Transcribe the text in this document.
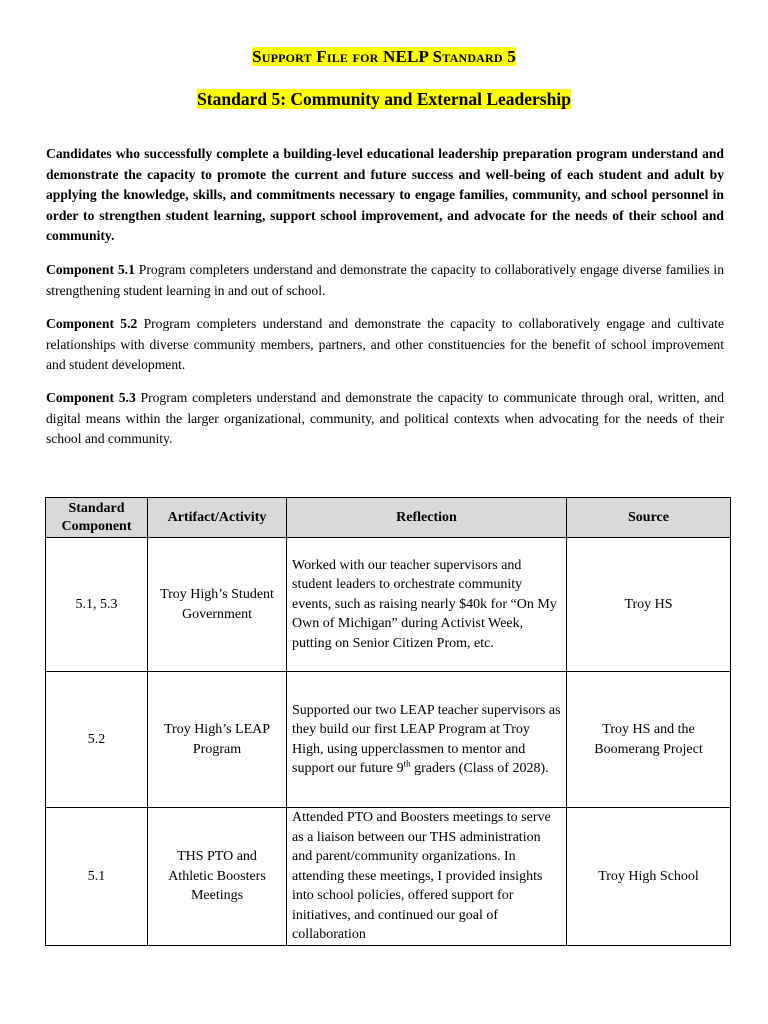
Support File for NELP Standard 5
Standard 5: Community and External Leadership

Candidates who successfully complete a building-level educational leadership preparation program understand and demonstrate the capacity to promote the current and future success and well-being of each student and adult by applying the knowledge, skills, and commitments necessary to engage families, community, and school personnel in order to strengthen student learning, support school improvement, and advocate for the needs of their school and community.

Component 5.1 Program completers understand and demonstrate the capacity to collaboratively engage diverse families in strengthening student learning in and out of school.

Component 5.2 Program completers understand and demonstrate the capacity to collaboratively engage and cultivate relationships with diverse community members, partners, and other constituencies for the benefit of school improvement and student development.

Component 5.3 Program completers understand and demonstrate the capacity to communicate through oral, written, and digital means within the larger organizational, community, and political contexts when advocating for the needs of their school and community.

Standard Component	Artifact/Activity	Reflection	Source
5.1, 5.3	Troy High’s Student Government	Worked with our teacher supervisors and student leaders to orchestrate community events, such as raising nearly $40k for “On My Own of Michigan” during Activist Week, putting on Senior Citizen Prom, etc.	Troy HS
5.2	Troy High’s LEAP Program	Supported our two LEAP teacher supervisors as they build our first LEAP Program at Troy High, using upperclassmen to mentor and support our future 9th graders (Class of 2028).	Troy HS and the Boomerang Project
5.1	THS PTO and Athletic Boosters Meetings	Attended PTO and Boosters meetings to serve as a liaison between our THS administration and parent/community organizations. In attending these meetings, I provided insights into school policies, offered support for initiatives, and continued our goal of collaboration	Troy High School
